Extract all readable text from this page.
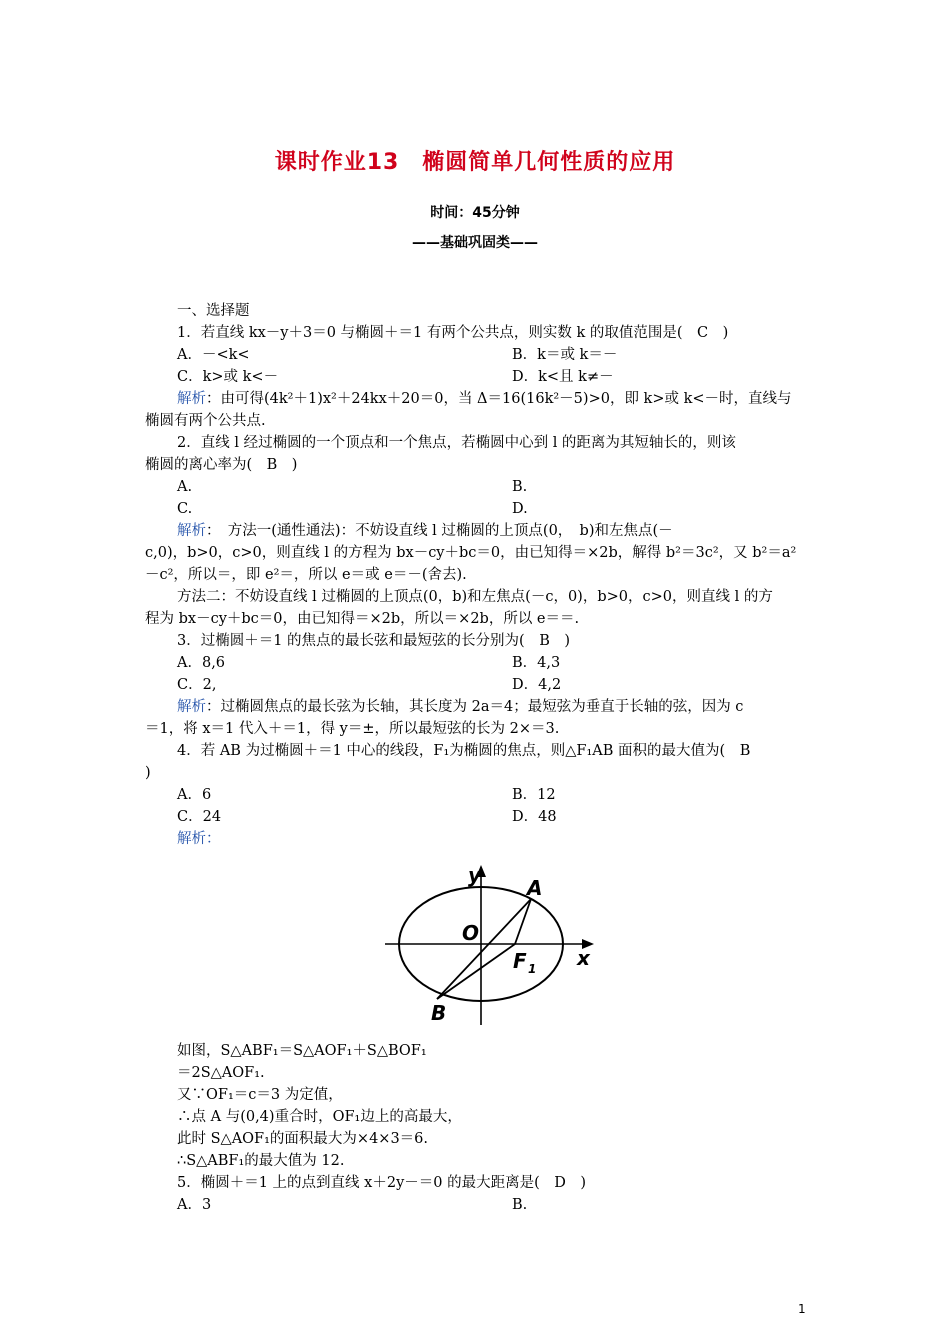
课时作业13　椭圆简单几何性质的应用
时间：45分钟
——基础巩固类——
一、选择题
1．若直线 kx－y＋3＝0 与椭圆＋＝1 有两个公共点，则实数 k 的取值范围是(　C　)
A．－<k<	B．k＝或 k＝－
C．k>或 k<－	D．k<且 k≠－
解析：由可得(4k²＋1)x²＋24kx＋20＝0，当 Δ＝16(16k²－5)>0，即 k>或 k<－时，直线与
椭圆有两个公共点.
2．直线 l 经过椭圆的一个顶点和一个焦点，若椭圆中心到 l 的距离为其短轴长的，则该
椭圆的离心率为(　B　)
A.	B.
C.	D.
解析：　方法一(通性通法)：不妨设直线 l 过椭圆的上顶点(0，　b)和左焦点(－
c,0)，b>0，c>0，则直线 l 的方程为 bx－cy＋bc＝0，由已知得＝×2b，解得 b²＝3c²，又 b²＝a²
－c²，所以＝，即 e²＝，所以 e＝或 e＝－(舍去).
方法二：不妨设直线 l 过椭圆的上顶点(0，b)和左焦点(－c，0)，b>0，c>0，则直线 l 的方
程为 bx－cy＋bc＝0，由已知得＝×2b，所以＝×2b，所以 e＝＝.
3．过椭圆＋＝1 的焦点的最长弦和最短弦的长分别为(　B　)
A．8,6	B．4,3
C．2,	D．4,2
解析：过椭圆焦点的最长弦为长轴，其长度为 2a＝4；最短弦为垂直于长轴的弦，因为 c
＝1，将 x＝1 代入＋＝1，得 y＝±，所以最短弦的长为 2×＝3.
4．若 AB 为过椭圆＋＝1 中心的线段，F₁为椭圆的焦点，则△F₁AB 面积的最大值为(　B
)
A．6	B．12
C．24	D．48
解析：
y
x
O
A
B
F 1
如图，S△ABF₁＝S△AOF₁＋S△BOF₁
＝2S△AOF₁.
又∵OF₁＝c＝3 为定值，
∴点 A 与(0,4)重合时，OF₁边上的高最大，
此时 S△AOF₁的面积最大为×4×3＝6.
∴S△ABF₁的最大值为 12.
5．椭圆＋＝1 上的点到直线 x＋2y－＝0 的最大距离是(　D　)
A．3	B.
1
